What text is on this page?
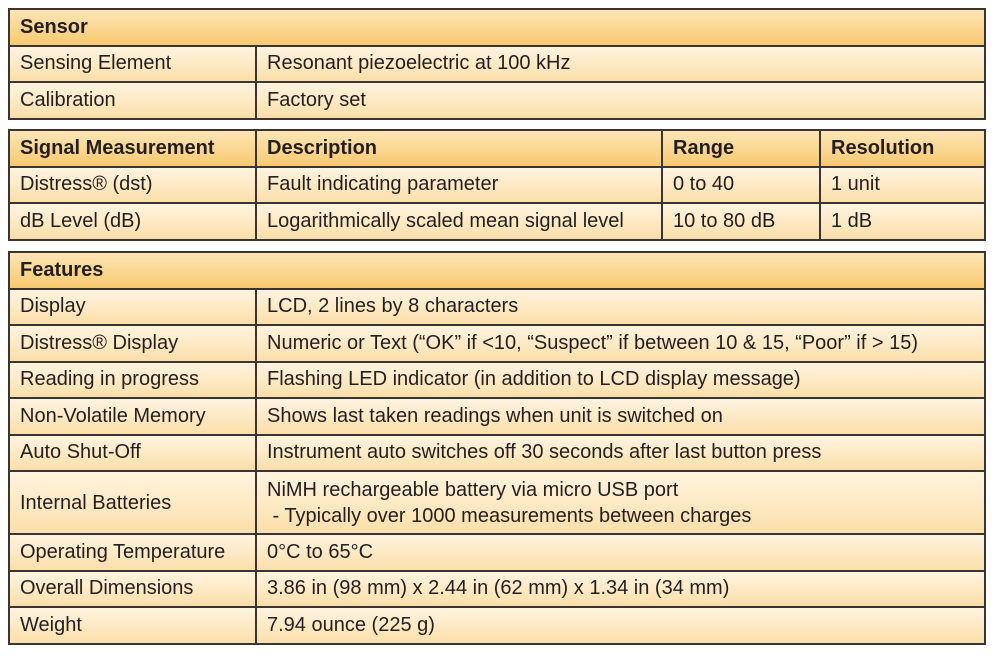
Sensor	
Sensing Element	Resonant piezoelectric at 100 kHz
Calibration	Factory set
Signal Measurement	Description	Range	Resolution
Distress® (dst)	Fault indicating parameter	0 to 40	1 unit
dB Level (dB)	Logarithmically scaled mean signal level	10 to 80 dB	1 dB
Features	
Display	LCD, 2 lines by 8 characters
Distress® Display	Numeric or Text (“OK” if <10, “Suspect” if between 10 & 15, “Poor” if > 15)
Reading in progress	Flashing LED indicator (in addition to LCD display message)
Non-Volatile Memory	Shows last taken readings when unit is switched on
Auto Shut-Off	Instrument auto switches off 30 seconds after last button press
Internal Batteries	NiMH rechargeable battery via micro USB port
- Typically over 1000 measurements between charges

Operating Temperature	0°C to 65°C
Overall Dimensions	3.86 in (98 mm) x 2.44 in (62 mm) x 1.34 in (34 mm)
Weight	7.94 ounce (225 g)
